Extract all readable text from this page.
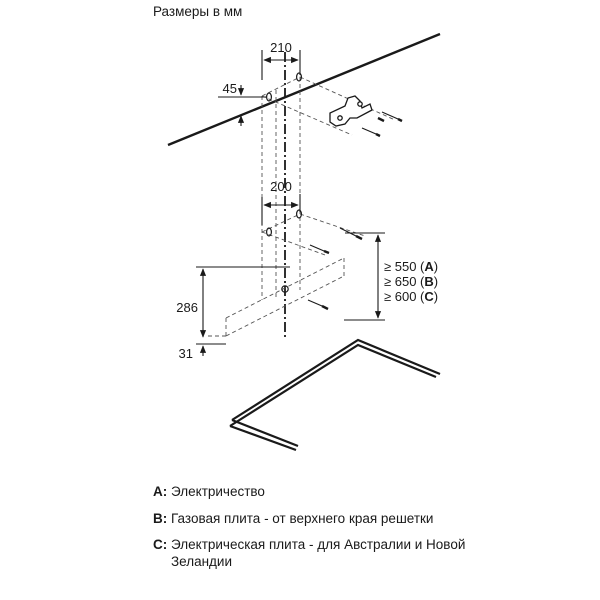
Размеры в мм
210
45
200
286
31
≥ 550 (A)
≥ 650 (B)
≥ 600 (C)
A: Электричество
B: Газовая плита - от верхнего края решетки
C: Электрическая плита - для Австралии и Новой Зеландии
